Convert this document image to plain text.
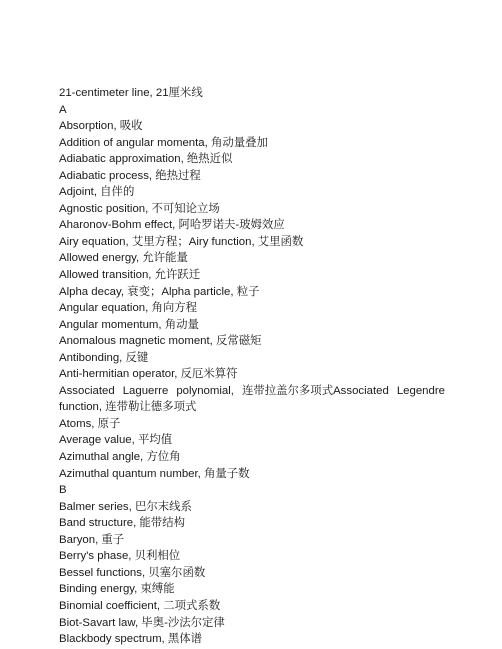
21-centimeter line, 21厘米线
A
Absorption, 吸收
Addition of angular momenta, 角动量叠加
Adiabatic approximation, 绝热近似
Adiabatic process, 绝热过程
Adjoint, 自伴的
Agnostic position, 不可知论立场
Aharonov-Bohm effect, 阿哈罗诺夫-玻姆效应
Airy equation, 艾里方程；Airy function, 艾里函数
Allowed energy, 允许能量
Allowed transition, 允许跃迁
Alpha decay, 衰变；Alpha particle, 粒子
Angular equation, 角向方程
Angular momentum, 角动量
Anomalous magnetic moment, 反常磁矩
Antibonding, 反键
Anti-hermitian operator, 反厄米算符
Associated Laguerre polynomial, 连带拉盖尔多项式Associated Legendre
function, 连带勒让德多项式
Atoms, 原子
Average value, 平均值
Azimuthal angle, 方位角
Azimuthal quantum number, 角量子数
B
Balmer series, 巴尔末线系
Band structure, 能带结构
Baryon, 重子
Berry's phase, 贝利相位
Bessel functions, 贝塞尔函数
Binding energy, 束缚能
Binomial coefficient, 二项式系数
Biot-Savart law, 毕奥-沙法尔定律
Blackbody spectrum, 黑体谱
